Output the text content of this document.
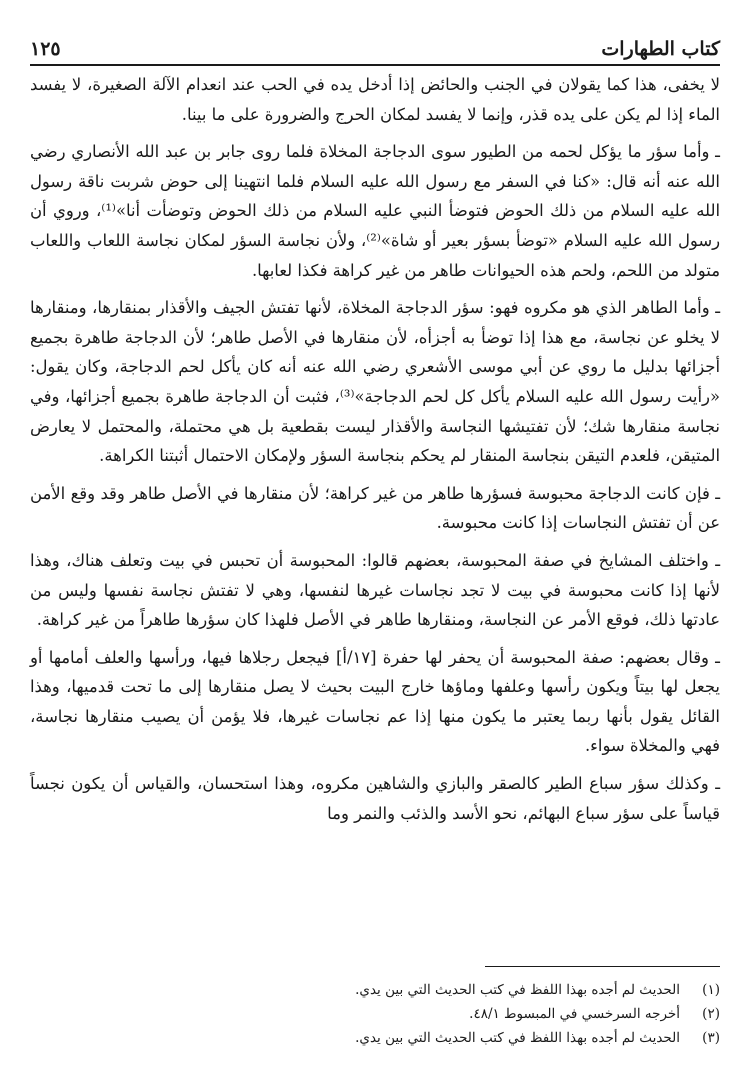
كتاب الطهارات
١٢٥

لا يخفى، هذا كما يقولان في الجنب والحائض إذا أدخل يده في الحب عند انعدام الآلة الصغيرة، لا يفسد الماء إذا لم يكن على يده قذر، وإنما لا يفسد لمكان الحرج والضرورة على ما بينا.

ـ وأما سؤر ما يؤكل لحمه من الطيور سوى الدجاجة المخلاة فلما روى جابر بن عبد الله الأنصاري رضي الله عنه أنه قال: «كنا في السفر مع رسول الله عليه السلام فلما انتهينا إلى حوض شربت ناقة رسول الله عليه السلام من ذلك الحوض فتوضأ النبي عليه السلام من ذلك الحوض وتوضأت أنا»⁽¹⁾، وروي أن رسول الله عليه السلام «توضأ بسؤر بعير أو شاة»⁽²⁾، ولأن نجاسة السؤر لمكان نجاسة اللعاب واللعاب متولد من اللحم، ولحم هذه الحيوانات طاهر من غير كراهة فكذا لعابها.

ـ وأما الطاهر الذي هو مكروه فهو: سؤر الدجاجة المخلاة، لأنها تفتش الجيف والأقذار بمنقارها، ومنقارها لا يخلو عن نجاسة، مع هذا إذا توضأ به أجزأه، لأن منقارها في الأصل طاهر؛ لأن الدجاجة طاهرة بجميع أجزائها بدليل ما روي عن أبي موسى الأشعري رضي الله عنه أنه كان يأكل لحم الدجاجة، وكان يقول: «رأيت رسول الله عليه السلام يأكل كل لحم الدجاجة»⁽³⁾، فثبت أن الدجاجة طاهرة بجميع أجزائها، وفي نجاسة منقارها شك؛ لأن تفتيشها النجاسة والأقذار ليست بقطعية بل هي محتملة، والمحتمل لا يعارض المتيقن، فلعدم التيقن بنجاسة المنقار لم يحكم بنجاسة السؤر ولإمكان الاحتمال أثبتنا الكراهة.

ـ فإن كانت الدجاجة محبوسة فسؤرها طاهر من غير كراهة؛ لأن منقارها في الأصل طاهر وقد وقع الأمن عن أن تفتش النجاسات إذا كانت محبوسة.

ـ واختلف المشايخ في صفة المحبوسة، بعضهم قالوا: المحبوسة أن تحبس في بيت وتعلف هناك، وهذا لأنها إذا كانت محبوسة في بيت لا تجد نجاسات غيرها لنفسها، وهي لا تفتش نجاسة نفسها وليس من عادتها ذلك، فوقع الأمر عن النجاسة، ومنقارها طاهر في الأصل فلهذا كان سؤرها طاهراً من غير كراهة.

ـ وقال بعضهم: صفة المحبوسة أن يحفر لها حفرة [١٧/أ] فيجعل رجلاها فيها، ورأسها والعلف أمامها أو يجعل لها بيتاً ويكون رأسها وعلفها وماؤها خارج البيت بحيث لا يصل منقارها إلى ما تحت قدميها، وهذا القائل يقول بأنها ربما يعتبر ما يكون منها إذا عم نجاسات غيرها، فلا يؤمن أن يصيب منقارها نجاسة، فهي والمخلاة سواء.

ـ وكذلك سؤر سباع الطير كالصقر والبازي والشاهين مكروه، وهذا استحسان، والقياس أن يكون نجساً قياساً على سؤر سباع البهائم، نحو الأسد والذئب والنمر وما

(١)
الحديث لم أجده بهذا اللفظ في كتب الحديث التي بين يدي.
(٢)
أخرجه السرخسي في المبسوط ٤٨/١.
(٣)
الحديث لم أجده بهذا اللفظ في كتب الحديث التي بين يدي.
